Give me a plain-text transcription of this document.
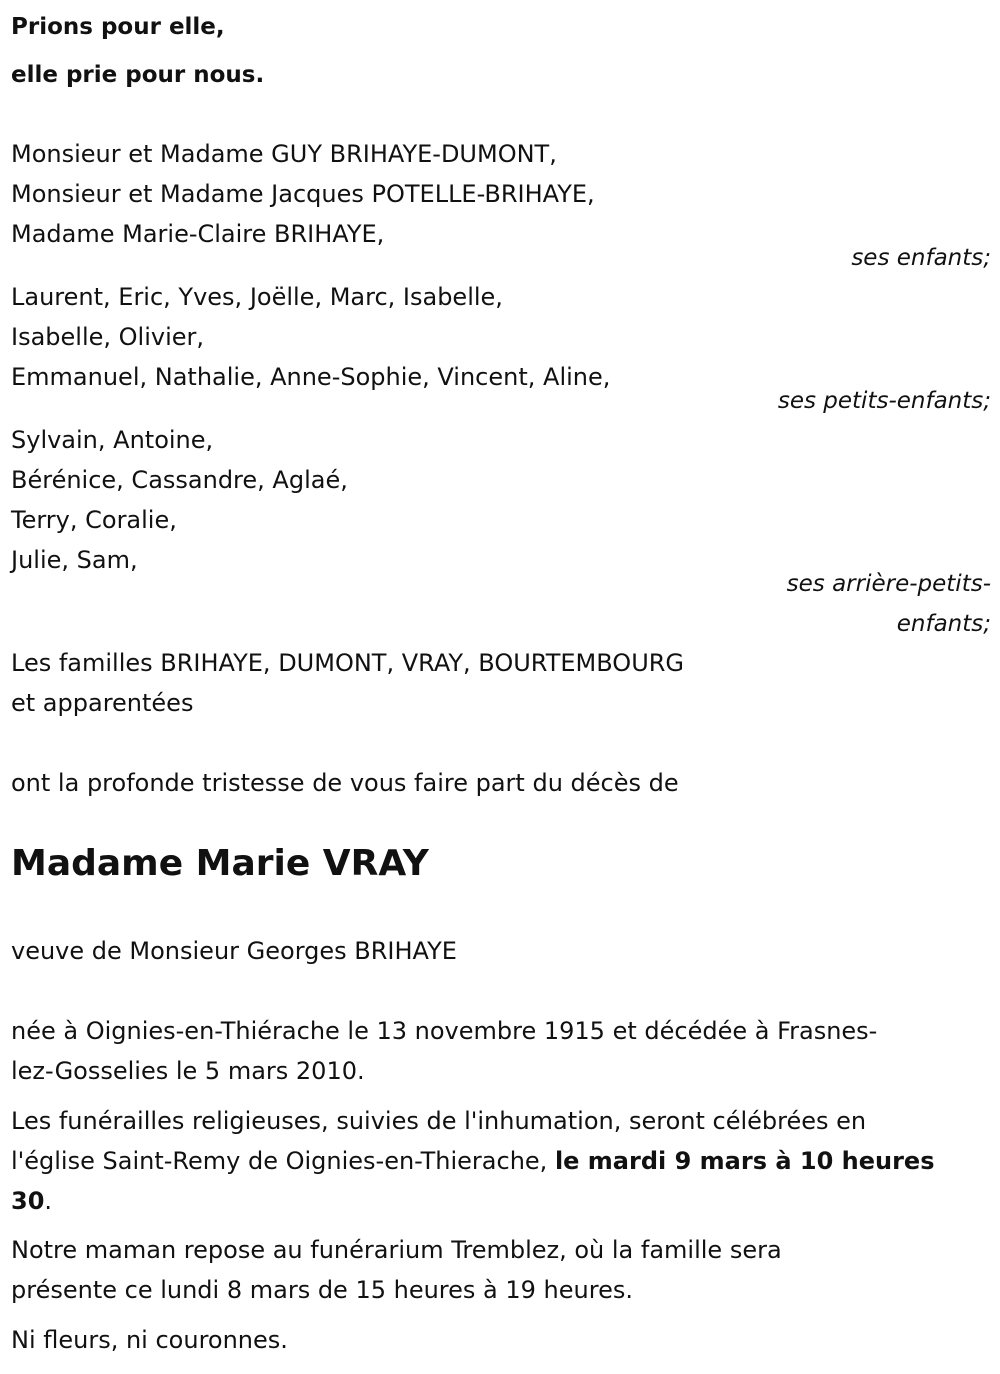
Prions pour elle,
elle prie pour nous.
Monsieur et Madame GUY BRIHAYE-DUMONT,
Monsieur et Madame Jacques POTELLE-BRIHAYE,
Madame Marie-Claire BRIHAYE,
ses enfants;
Laurent, Eric, Yves, Joëlle, Marc, Isabelle,
Isabelle, Olivier,
Emmanuel, Nathalie, Anne-Sophie, Vincent, Aline,
ses petits-enfants;
Sylvain, Antoine,
Bérénice, Cassandre, Aglaé,
Terry, Coralie,
Julie, Sam,
ses arrière-petits-
enfants;
Les familles BRIHAYE, DUMONT, VRAY, BOURTEMBOURG
et apparentées
ont la profonde tristesse de vous faire part du décès de
Madame Marie VRAY
veuve de Monsieur Georges BRIHAYE
née à Oignies-en-Thiérache le 13 novembre 1915 et décédée à Frasnes-
lez-Gosselies le 5 mars 2010.
Les funérailles religieuses, suivies de l'inhumation, seront célébrées en
l'église Saint-Remy de Oignies-en-Thierache, le mardi 9 mars à 10 heures
30.
Notre maman repose au funérarium Tremblez, où la famille sera
présente ce lundi 8 mars de 15 heures à 19 heures.
Ni fleurs, ni couronnes.
